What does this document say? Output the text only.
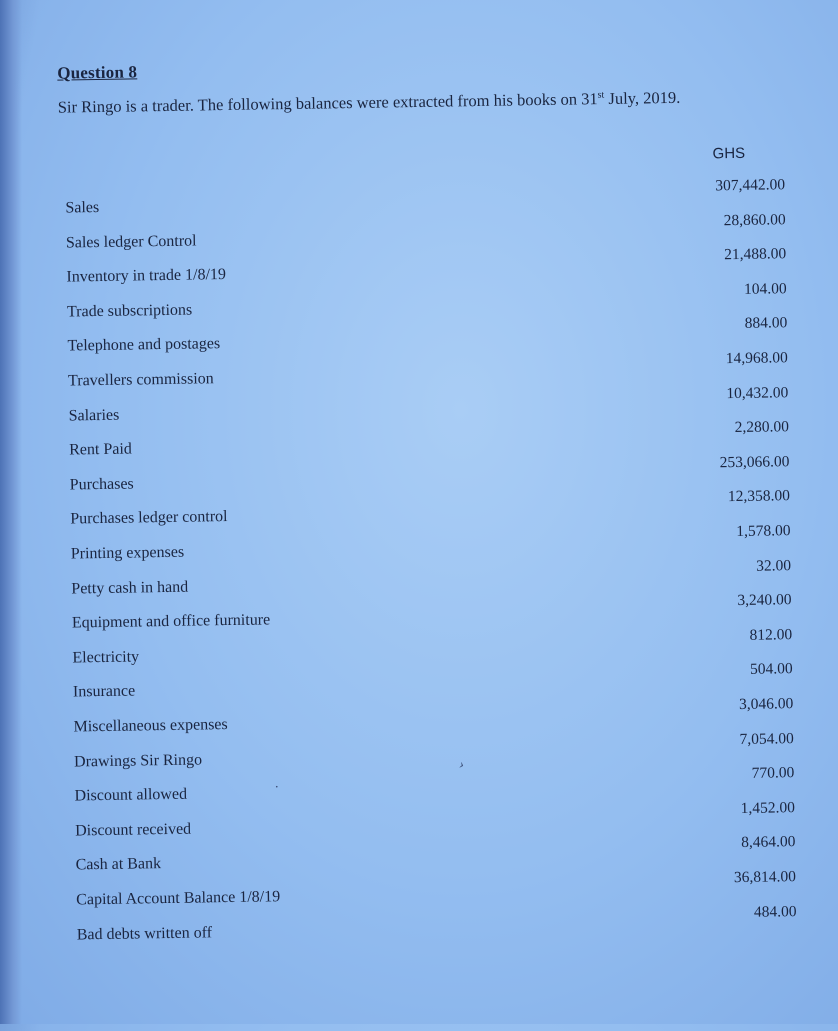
Question 8
Sir Ringo is a trader. The following balances were extracted from his books on 31st July, 2019.
GHS
Sales
307,442.00
Sales ledger Control
28,860.00
Inventory in trade 1/8/19
21,488.00
Trade subscriptions
104.00
Telephone and postages
884.00
Travellers commission
14,968.00
Salaries
10,432.00
Rent Paid
2,280.00
Purchases
253,066.00
Purchases ledger control
12,358.00
Printing expenses
1,578.00
Petty cash in hand
32.00
Equipment and office furniture
3,240.00
Electricity
812.00
Insurance
504.00
Miscellaneous expenses
3,046.00
Drawings Sir Ringo
7,054.00
Discount allowed
770.00
Discount received
1,452.00
Cash at Bank
8,464.00
Capital Account Balance 1/8/19
36,814.00
Bad debts written off
484.00
›
·
